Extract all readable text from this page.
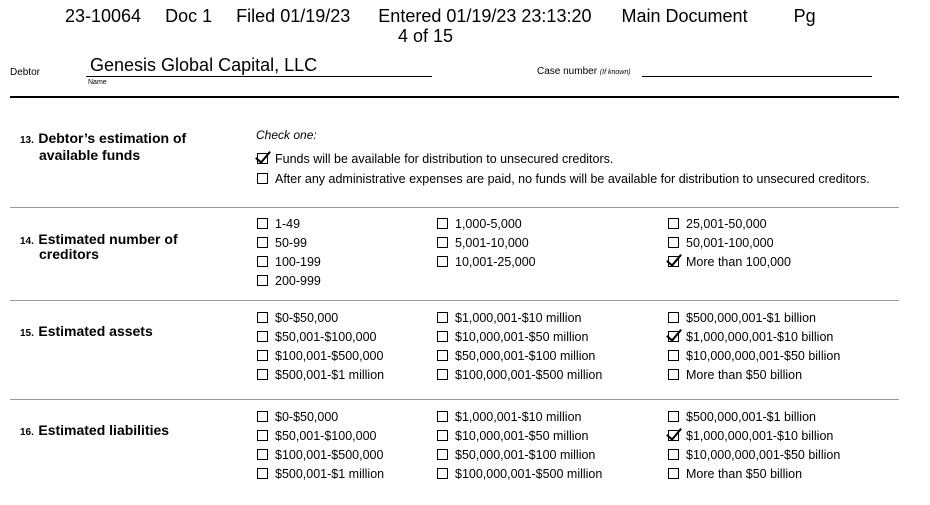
23-10064 Doc 1 Filed 01/19/23 Entered 01/19/23 23:13:20 Main Document	Pg
4 of 15
Debtor	Genesis Global Capital, LLC
Name
Case number (If known)
13. Debtor’s estimation of
available funds
Check one:
Funds will be available for distribution to unsecured creditors.
After any administrative expenses are paid, no funds will be available for distribution to unsecured creditors.
14. Estimated number of
creditors
1-49
50-99
100-199
200-999
1,000-5,000
5,001-10,000
10,001-25,000
25,001-50,000
50,001-100,000
More than 100,000
15. Estimated assets
$0-$50,000
$50,001-$100,000
$100,001-$500,000
$500,001-$1 million
$1,000,001-$10 million
$10,000,001-$50 million
$50,000,001-$100 million
$100,000,001-$500 million
$500,000,001-$1 billion
$1,000,000,001-$10 billion
$10,000,000,001-$50 billion
More than $50 billion
16. Estimated liabilities
$0-$50,000
$50,001-$100,000
$100,001-$500,000
$500,001-$1 million
$1,000,001-$10 million
$10,000,001-$50 million
$50,000,001-$100 million
$100,000,001-$500 million
$500,000,001-$1 billion
$1,000,000,001-$10 billion
$10,000,000,001-$50 billion
More than $50 billion
